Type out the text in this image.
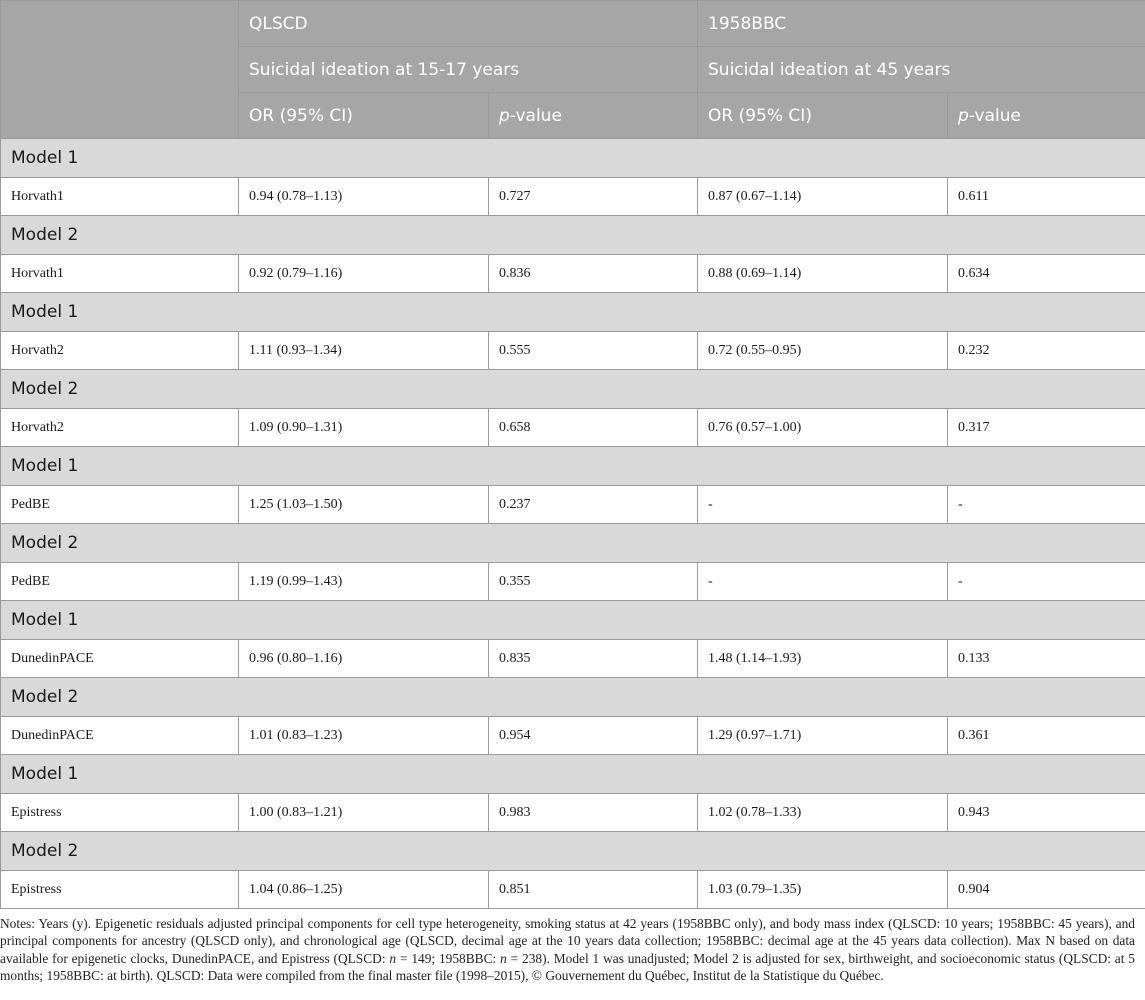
	QLSCD		1958BBC	
	Suicidal ideation at 15-17 years		Suicidal ideation at 45 years	
	OR (95% CI)	p-value	OR (95% CI)	p-value
Model 1				
Horvath1	0.94 (0.78–1.13)	0.727	0.87 (0.67–1.14)	0.611
Model 2				
Horvath1	0.92 (0.79–1.16)	0.836	0.88 (0.69–1.14)	0.634
Model 1				
Horvath2	1.11 (0.93–1.34)	0.555	0.72 (0.55–0.95)	0.232
Model 2				
Horvath2	1.09 (0.90–1.31)	0.658	0.76 (0.57–1.00)	0.317
Model 1				
PedBE	1.25 (1.03–1.50)	0.237	-	-
Model 2				
PedBE	1.19 (0.99–1.43)	0.355	-	-
Model 1				
DunedinPACE	0.96 (0.80–1.16)	0.835	1.48 (1.14–1.93)	0.133
Model 2				
DunedinPACE	1.01 (0.83–1.23)	0.954	1.29 (0.97–1.71)	0.361
Model 1				
Epistress	1.00 (0.83–1.21)	0.983	1.02 (0.78–1.33)	0.943
Model 2				
Epistress	1.04 (0.86–1.25)	0.851	1.03 (0.79–1.35)	0.904
Notes: Years (y). Epigenetic residuals adjusted principal components for cell type heterogeneity, smoking status at 42 years (1958BBC only), and body mass index (QLSCD: 10 years; 1958BBC: 45 years), and principal components for ancestry (QLSCD only), and chronological age (QLSCD, decimal age at the 10 years data collection; 1958BBC: decimal age at the 45 years data collection). Max N based on data available for epigenetic clocks, DunedinPACE, and Epistress (QLSCD: n = 149; 1958BBC: n = 238). Model 1 was unadjusted; Model 2 is adjusted for sex, birthweight, and socioeconomic status (QLSCD: at 5 months; 1958BBC: at birth). QLSCD: Data were compiled from the final master file (1998–2015), © Gouvernement du Québec, Institut de la Statistique du Québec.
